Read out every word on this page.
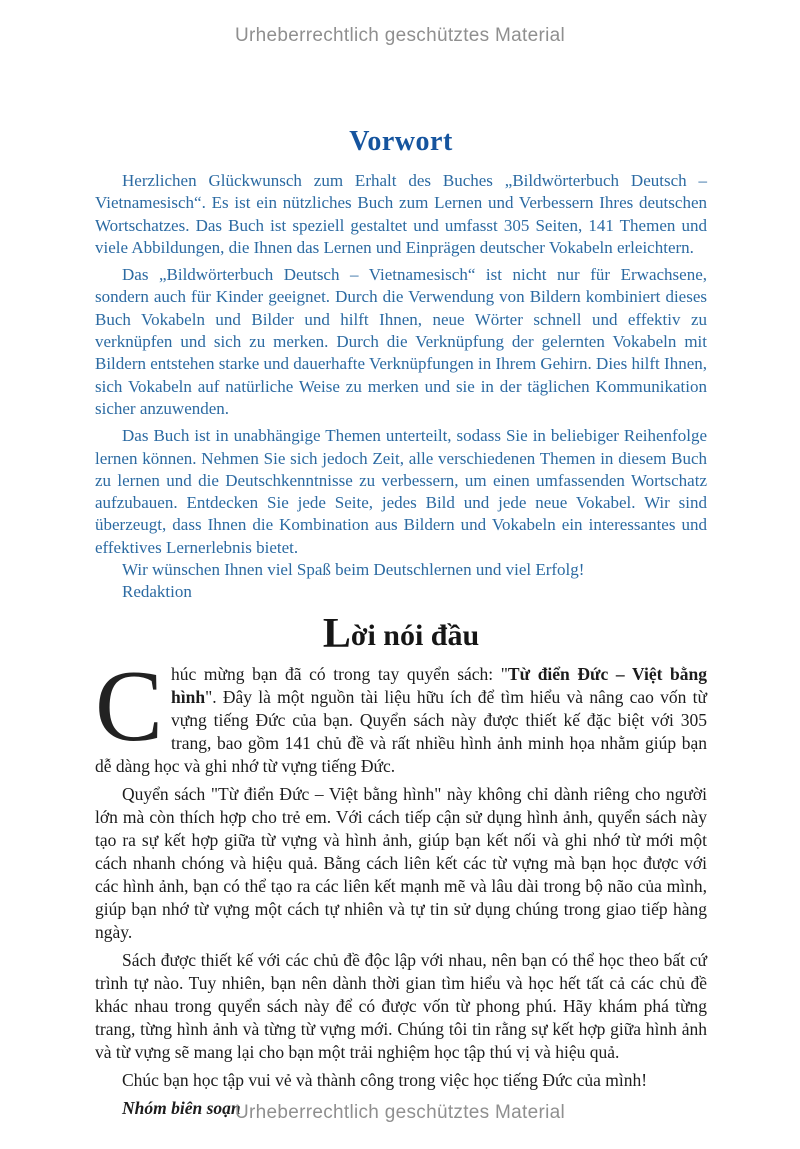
Urheberrechtlich geschütztes Material
Vorwort

Herzlichen Glückwunsch zum Erhalt des Buches „Bildwörterbuch Deutsch – Vietnamesisch“. Es ist ein nützliches Buch zum Lernen und Verbessern Ihres deutschen Wortschatzes. Das Buch ist speziell gestaltet und umfasst 305 Seiten, 141 Themen und viele Abbildungen, die Ihnen das Lernen und Einprägen deutscher Vokabeln erleichtern.

Das „Bildwörterbuch Deutsch – Vietnamesisch“ ist nicht nur für Erwachsene, sondern auch für Kinder geeignet. Durch die Verwendung von Bildern kombiniert dieses Buch Vokabeln und Bilder und hilft Ihnen, neue Wörter schnell und effektiv zu verknüpfen und sich zu merken. Durch die Verknüpfung der gelernten Vokabeln mit Bildern entstehen starke und dauerhafte Verknüpfungen in Ihrem Gehirn. Dies hilft Ihnen, sich Vokabeln auf natürliche Weise zu merken und sie in der täglichen Kommunikation sicher anzuwenden.

Das Buch ist in unabhängige Themen unterteilt, sodass Sie in beliebiger Reihenfolge lernen können. Nehmen Sie sich jedoch Zeit, alle verschiedenen Themen in diesem Buch zu lernen und die Deutschkenntnisse zu verbessern, um einen umfassenden Wortschatz aufzubauen. Entdecken Sie jede Seite, jedes Bild und jede neue Vokabel. Wir sind überzeugt, dass Ihnen die Kombination aus Bildern und Vokabeln ein interessantes und effektives Lernerlebnis bietet.

Wir wünschen Ihnen viel Spaß beim Deutschlernen und viel Erfolg!

Redaktion

Lời nói đầu

Chúc mừng bạn đã có trong tay quyển sách: "Từ điển Đức – Việt bằng hình". Đây là một nguồn tài liệu hữu ích để tìm hiểu và nâng cao vốn từ vựng tiếng Đức của bạn. Quyển sách này được thiết kế đặc biệt với 305 trang, bao gồm 141 chủ đề và rất nhiều hình ảnh minh họa nhằm giúp bạn dễ dàng học và ghi nhớ từ vựng tiếng Đức.

Quyển sách "Từ điển Đức – Việt bằng hình" này không chỉ dành riêng cho người lớn mà còn thích hợp cho trẻ em. Với cách tiếp cận sử dụng hình ảnh, quyển sách này tạo ra sự kết hợp giữa từ vựng và hình ảnh, giúp bạn kết nối và ghi nhớ từ mới một cách nhanh chóng và hiệu quả. Bằng cách liên kết các từ vựng mà bạn học được với các hình ảnh, bạn có thể tạo ra các liên kết mạnh mẽ và lâu dài trong bộ não của mình, giúp bạn nhớ từ vựng một cách tự nhiên và tự tin sử dụng chúng trong giao tiếp hàng ngày.

Sách được thiết kế với các chủ đề độc lập với nhau, nên bạn có thể học theo bất cứ trình tự nào. Tuy nhiên, bạn nên dành thời gian tìm hiểu và học hết tất cả các chủ đề khác nhau trong quyển sách này để có được vốn từ phong phú. Hãy khám phá từng trang, từng hình ảnh và từng từ vựng mới. Chúng tôi tin rằng sự kết hợp giữa hình ảnh và từ vựng sẽ mang lại cho bạn một trải nghiệm học tập thú vị và hiệu quả.

Chúc bạn học tập vui vẻ và thành công trong việc học tiếng Đức của mình!

Nhóm biên soạn

Urheberrechtlich geschütztes Material
